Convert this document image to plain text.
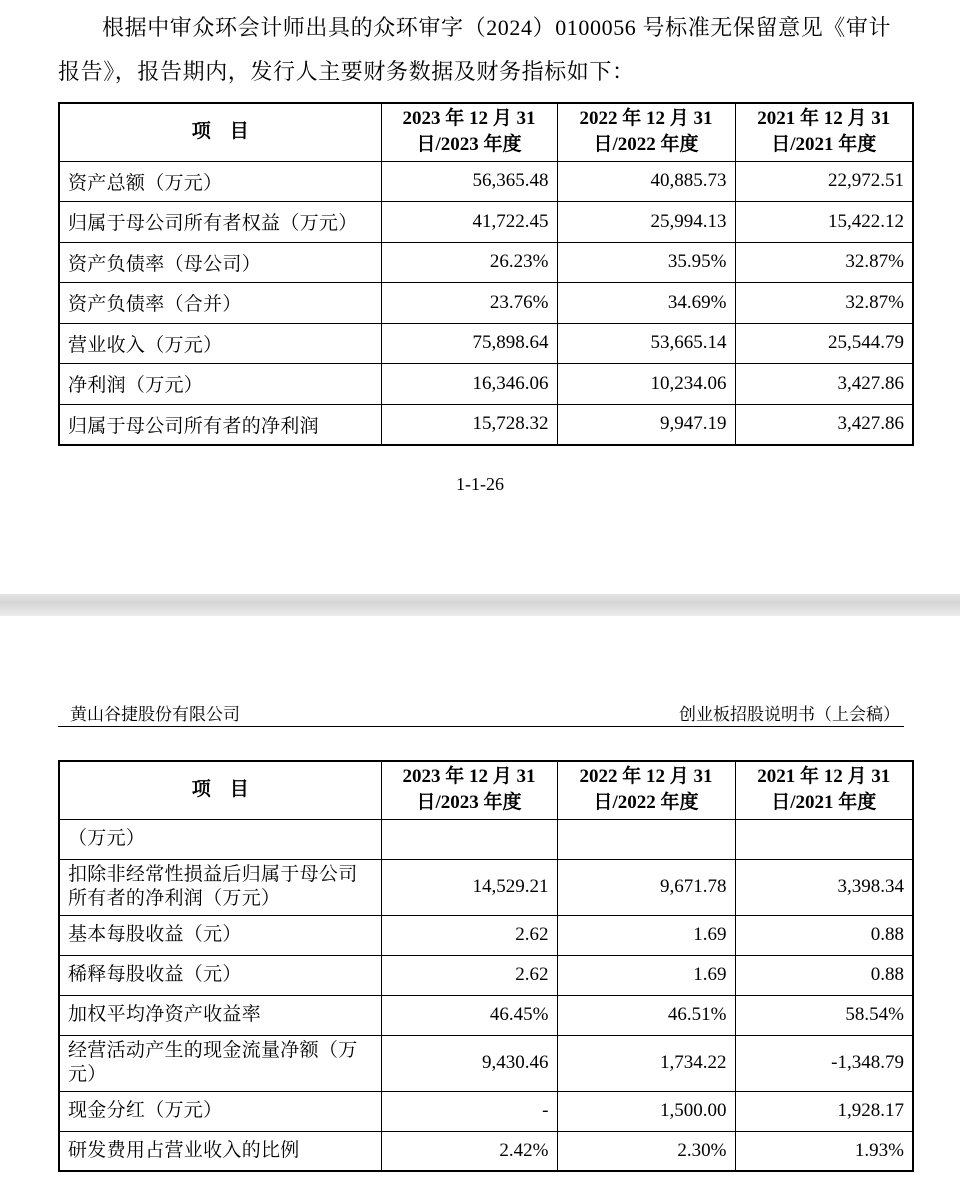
根据中审众环会计师出具的众环审字（2024）0100056 号标准无保留意见《审计报告》，报告期内，发行人主要财务数据及财务指标如下：

项　目	2023 年 12 月 31 日/2023 年度	2022 年 12 月 31 日/2022 年度	2021 年 12 月 31 日/2021 年度
资产总额（万元）	56,365.48	40,885.73	22,972.51
归属于母公司所有者权益（万元）	41,722.45	25,994.13	15,422.12
资产负债率（母公司）	26.23%	35.95%	32.87%
资产负债率（合并）	23.76%	34.69%	32.87%
营业收入（万元）	75,898.64	53,665.14	25,544.79
净利润（万元）	16,346.06	10,234.06	3,427.86
归属于母公司所有者的净利润	15,728.32	9,947.19	3,427.86
1-1-26
黄山谷捷股份有限公司	创业板招股说明书（上会稿）
项　目	2023 年 12 月 31 日/2023 年度	2022 年 12 月 31 日/2022 年度	2021 年 12 月 31 日/2021 年度
（万元）			
扣除非经常性损益后归属于母公司所有者的净利润（万元）	14,529.21	9,671.78	3,398.34
基本每股收益（元）	2.62	1.69	0.88
稀释每股收益（元）	2.62	1.69	0.88
加权平均净资产收益率	46.45%	46.51%	58.54%
经营活动产生的现金流量净额（万元）	9,430.46	1,734.22	-1,348.79
现金分红（万元）	-	1,500.00	1,928.17
研发费用占营业收入的比例	2.42%	2.30%	1.93%
